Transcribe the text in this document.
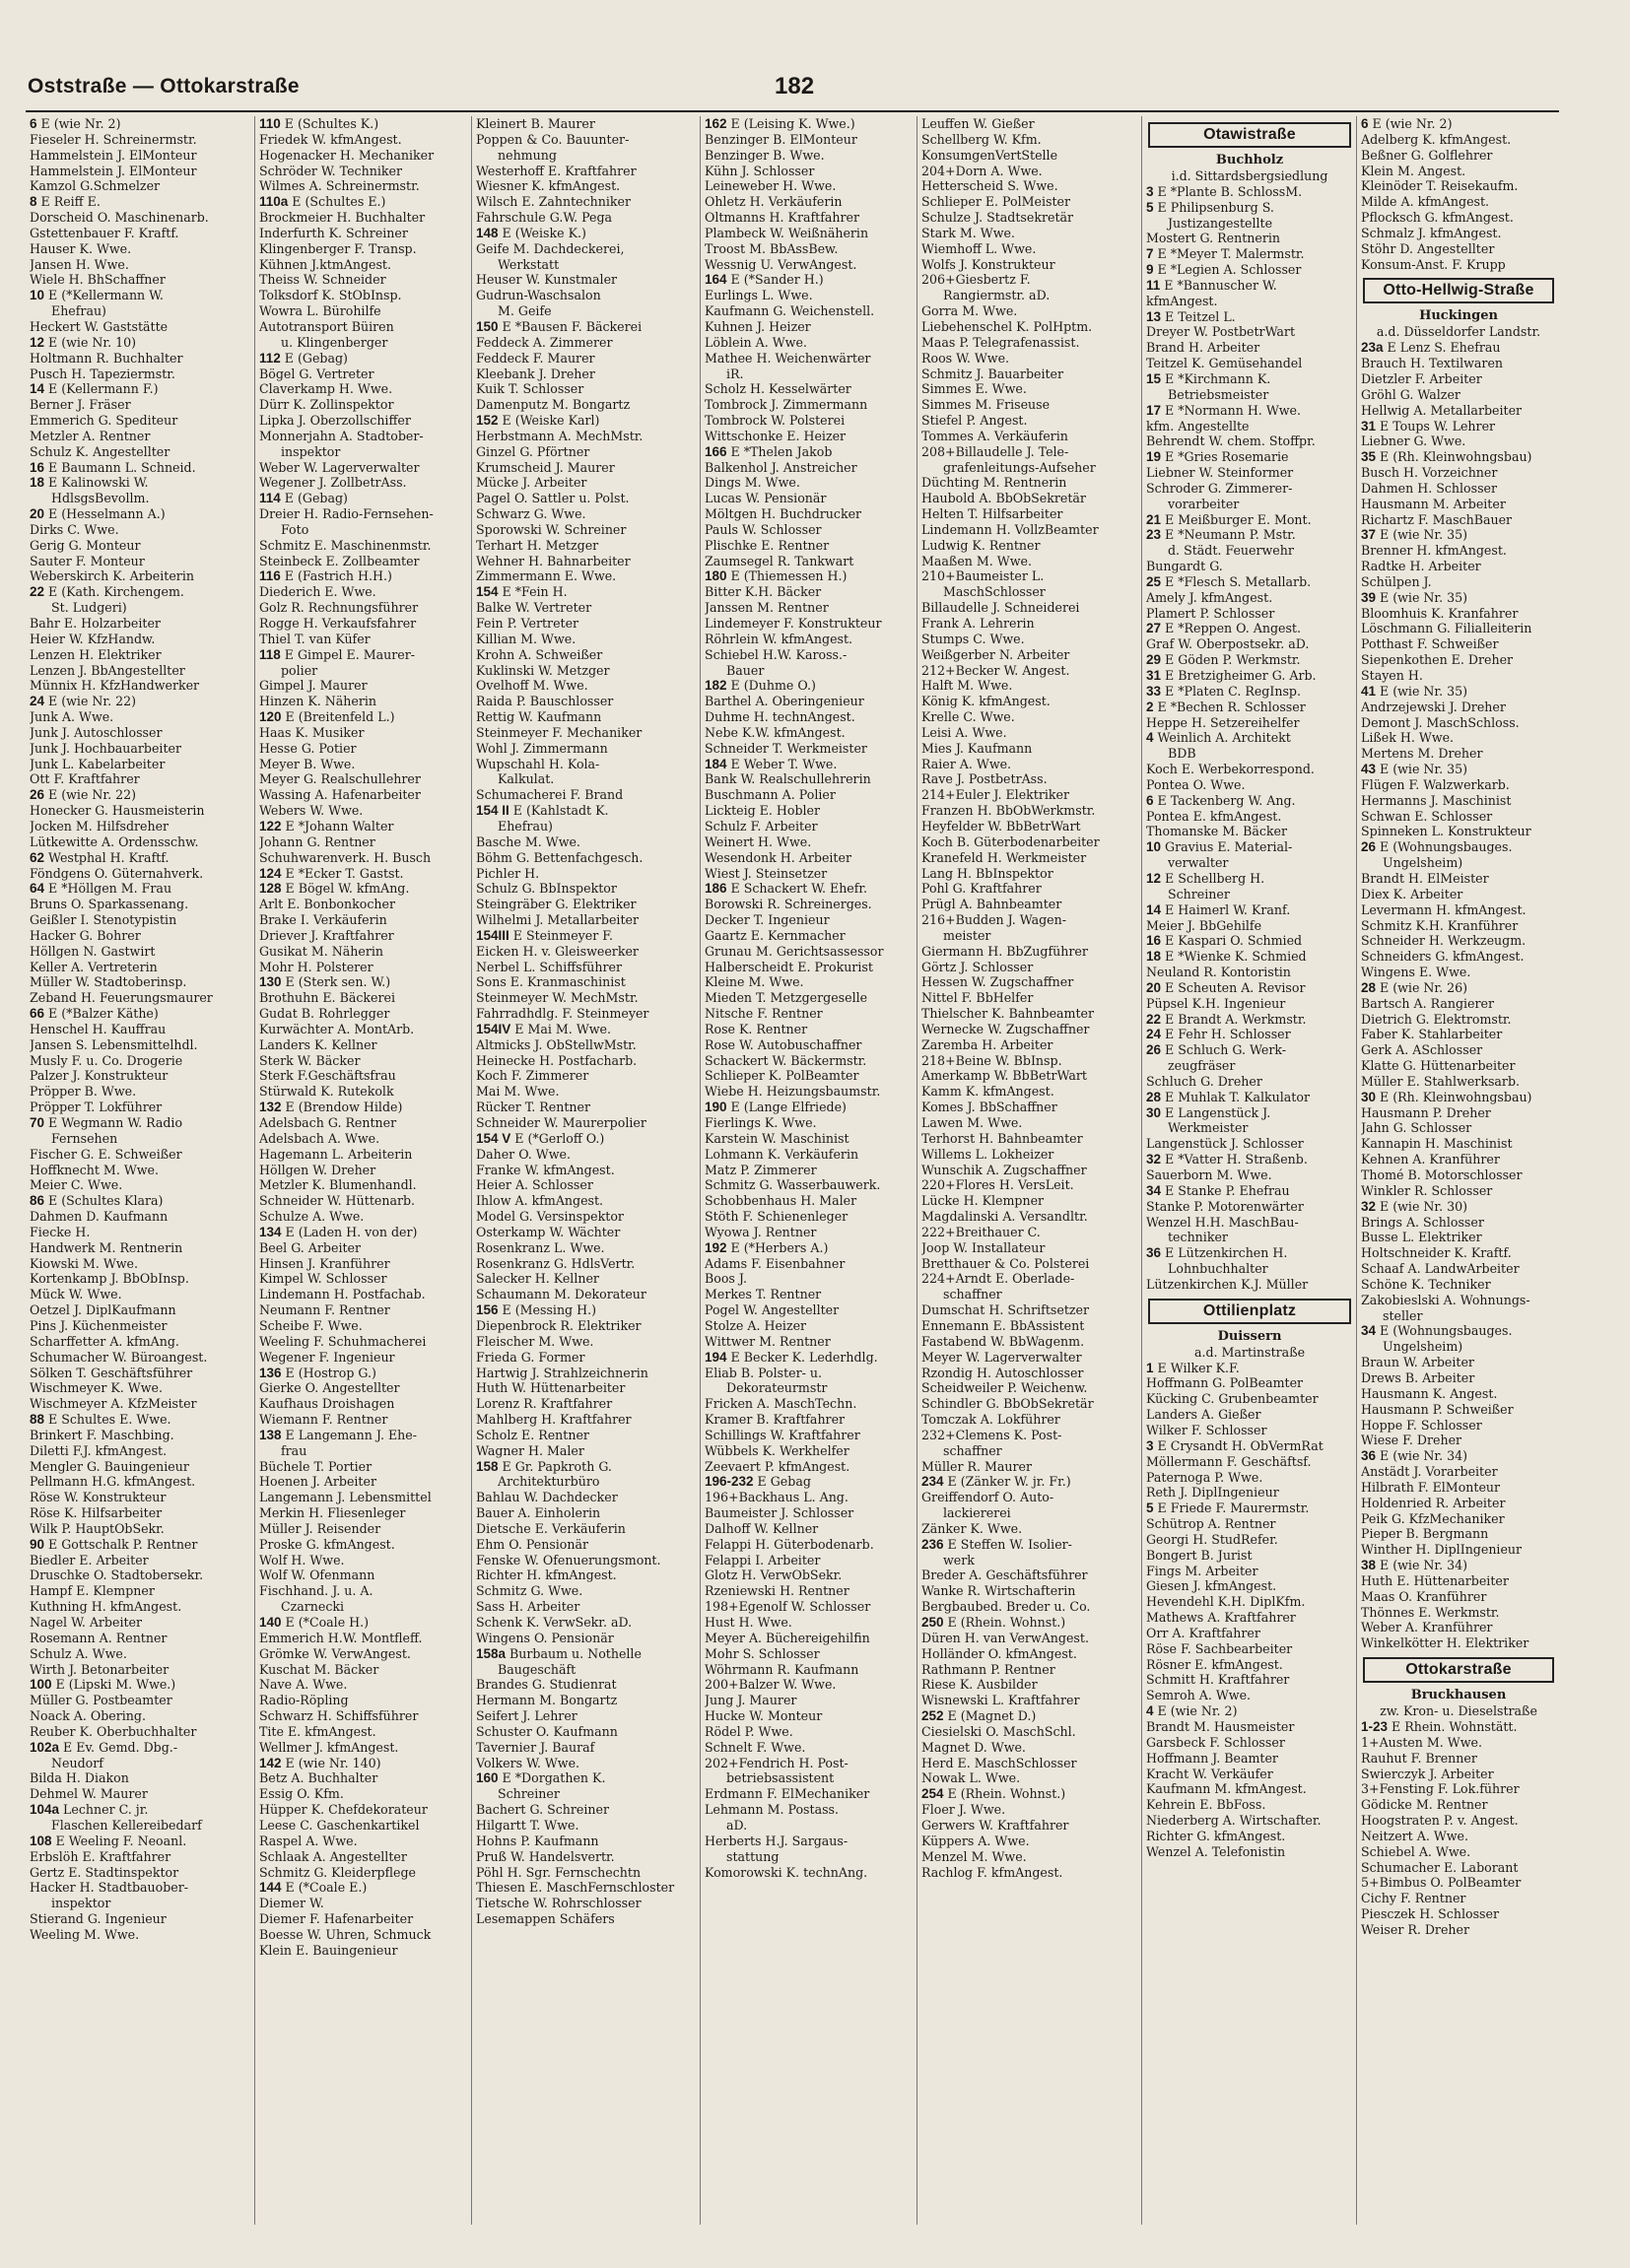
Oststraße — Ottokarstraße	182
6 E (wie Nr. 2)
Fieseler H. Schreinermstr.
Hammelstein J. ElMonteur
Hammelstein J. ElMonteur
Kamzol G.Schmelzer
8 E Reiff E.
Dorscheid O. Maschinenarb.
Gstettenbauer F. Kraftf.
Hauser K. Wwe.
Jansen H. Wwe.
Wiele H. BhSchaffner
10 E (*Kellermann W.
Ehefrau)
Heckert W. Gaststätte
12 E (wie Nr. 10)
Holtmann R. Buchhalter
Pusch H. Tapeziermstr.
14 E (Kellermann F.)
Berner J. Fräser
Emmerich G. Spediteur
Metzler A. Rentner
Schulz K. Angestellter
16 E Baumann L. Schneid.
18 E Kalinowski W.
HdlsgsBevollm.
20 E (Hesselmann A.)
Dirks C. Wwe.
Gerig G. Monteur
Sauter F. Monteur
Weberskirch K. Arbeiterin
22 E (Kath. Kirchengem.
St. Ludgeri)
Bahr E. Holzarbeiter
Heier W. KfzHandw.
Lenzen H. Elektriker
Lenzen J. BbAngestellter
Münnix H. KfzHandwerker
24 E (wie Nr. 22)
Junk A. Wwe.
Junk J. Autoschlosser
Junk J. Hochbauarbeiter
Junk L. Kabelarbeiter
Ott F. Kraftfahrer
26 E (wie Nr. 22)
Honecker G. Hausmeisterin
Jocken M. Hilfsdreher
Lütkewitte A. Ordensschw.
62 Westphal H. Kraftf.
Föndgens O. Güternahverk.
64 E *Höllgen M. Frau
Bruns O. Sparkassenang.
Geißler I. Stenotypistin
Hacker G. Bohrer
Höllgen N. Gastwirt
Keller A. Vertreterin
Müller W. Stadtoberinsp.
Zeband H. Feuerungsmaurer
66 E (*Balzer Käthe)
Henschel H. Kauffrau
Jansen S. Lebensmittelhdl.
Musly F. u. Co. Drogerie
Palzer J. Konstrukteur
Pröpper B. Wwe.
Pröpper T. Lokführer
70 E Wegmann W. Radio
Fernsehen
Fischer G. E. Schweißer
Hoffknecht M. Wwe.
Meier C. Wwe.
86 E (Schultes Klara)
Dahmen D. Kaufmann
Fiecke H.
Handwerk M. Rentnerin
Kiowski M. Wwe.
Kortenkamp J. BbObInsp.
Mück W. Wwe.
Oetzel J. DiplKaufmann
Pins J. Küchenmeister
Scharffetter A. kfmAng.
Schumacher W. Büroangest.
Sölken T. Geschäftsführer
Wischmeyer K. Wwe.
Wischmeyer A. KfzMeister
88 E Schultes E. Wwe.
Brinkert F. Maschbing.
Diletti F.J. kfmAngest.
Mengler G. Bauingenieur
Pellmann H.G. kfmAngest.
Röse W. Konstrukteur
Röse K. Hilfsarbeiter
Wilk P. HauptObSekr.
90 E Gottschalk P. Rentner
Biedler E. Arbeiter
Druschke O. Stadtobersekr.
Hampf E. Klempner
Kuthning H. kfmAngest.
Nagel W. Arbeiter
Rosemann A. Rentner
Schulz A. Wwe.
Wirth J. Betonarbeiter
100 E (Lipski M. Wwe.)
Müller G. Postbeamter
Noack A. Obering.
Reuber K. Oberbuchhalter
102a E Ev. Gemd. Dbg.-
Neudorf
Bilda H. Diakon
Dehmel W. Maurer
104a Lechner C. jr.
Flaschen Kellereibedarf
108 E Weeling F. Neoanl.
Erbslöh E. Kraftfahrer
Gertz E. Stadtinspektor
Hacker H. Stadtbauober-
inspektor
Stierand G. Ingenieur
Weeling M. Wwe.
110 E (Schultes K.)
Friedek W. kfmAngest.
Hogenacker H. Mechaniker
Schröder W. Techniker
Wilmes A. Schreinermstr.
110a E (Schultes E.)
Brockmeier H. Buchhalter
Inderfurth K. Schreiner
Klingenberger F. Transp.
Kühnen J.ktmAngest.
Theiss W. Schneider
Tolksdorf K. StObInsp.
Wowra L. Bürohilfe
Autotransport Büiren
u. Klingenberger
112 E (Gebag)
Bögel G. Vertreter
Claverkamp H. Wwe.
Dürr K. Zollinspektor
Lipka J. Oberzollschiffer
Monnerjahn A. Stadtober-
inspektor
Weber W. Lagerverwalter
Wegener J. ZollbetrAss.
114 E (Gebag)
Dreier H. Radio-Fernsehen-
Foto
Schmitz E. Maschinenmstr.
Steinbeck E. Zollbeamter
116 E (Fastrich H.H.)
Diederich E. Wwe.
Golz R. Rechnungsführer
Rogge H. Verkaufsfahrer
Thiel T. van Küfer
118 E Gimpel E. Maurer-
polier
Gimpel J. Maurer
Hinzen K. Näherin
120 E (Breitenfeld L.)
Haas K. Musiker
Hesse G. Potier
Meyer B. Wwe.
Meyer G. Realschullehrer
Wassing A. Hafenarbeiter
Webers W. Wwe.
122 E *Johann Walter
Johann G. Rentner
Schuhwarenverk. H. Busch
124 E *Ecker T. Gastst.
128 E Bögel W. kfmAng.
Arlt E. Bonbonkocher
Brake I. Verkäuferin
Driever J. Kraftfahrer
Gusikat M. Näherin
Mohr H. Polsterer
130 E (Sterk sen. W.)
Brothuhn E. Bäckerei
Gudat B. Rohrlegger
Kurwächter A. MontArb.
Landers K. Kellner
Sterk W. Bäcker
Sterk F.Geschäftsfrau
Stürwald K. Rutekolk
132 E (Brendow Hilde)
Adelsbach G. Rentner
Adelsbach A. Wwe.
Hagemann L. Arbeiterin
Höllgen W. Dreher
Metzler K. Blumenhandl.
Schneider W. Hüttenarb.
Schulze A. Wwe.
134 E (Laden H. von der)
Beel G. Arbeiter
Hinsen J. Kranführer
Kimpel W. Schlosser
Lindemann H. Postfachab.
Neumann F. Rentner
Scheibe F. Wwe.
Weeling F. Schuhmacherei
Wegener F. Ingenieur
136 E (Hostrop G.)
Gierke O. Angestellter
Kaufhaus Droishagen
Wiemann F. Rentner
138 E Langemann J. Ehe-
frau
Büchele T. Portier
Hoenen J. Arbeiter
Langemann J. Lebensmittel
Merkin H. Fliesenleger
Müller J. Reisender
Proske G. kfmAngest.
Wolf H. Wwe.
Wolf W. Ofenmann
Fischhand. J. u. A.
Czarnecki
140 E (*Coale H.)
Emmerich H.W. Montfleff.
Grömke W. VerwAngest.
Kuschat M. Bäcker
Nave A. Wwe.
Radio-Röpling
Schwarz H. Schiffsführer
Tite E. kfmAngest.
Wellmer J. kfmAngest.
142 E (wie Nr. 140)
Betz A. Buchhalter
Essig O. Kfm.
Hüpper K. Chefdekorateur
Leese C. Gaschenkartikel
Raspel A. Wwe.
Schlaak A. Angestellter
Schmitz G. Kleiderpflege
144 E (*Coale E.)
Diemer W.
Diemer F. Hafenarbeiter
Boesse W. Uhren, Schmuck
Klein E. Bauingenieur
Kleinert B. Maurer
Poppen & Co. Bauunter-
nehmung
Westerhoff E. Kraftfahrer
Wiesner K. kfmAngest.
Wilsch E. Zahntechniker
Fahrschule G.W. Pega
148 E (Weiske K.)
Geife M. Dachdeckerei,
Werkstatt
Heuser W. Kunstmaler
Gudrun-Waschsalon
M. Geife
150 E *Bausen F. Bäckerei
Feddeck A. Zimmerer
Feddeck F. Maurer
Kleebank J. Dreher
Kuik T. Schlosser
Damenputz M. Bongartz
152 E (Weiske Karl)
Herbstmann A. MechMstr.
Ginzel G. Pförtner
Krumscheid J. Maurer
Mücke J. Arbeiter
Pagel O. Sattler u. Polst.
Schwarz G. Wwe.
Sporowski W. Schreiner
Terhart H. Metzger
Wehner H. Bahnarbeiter
Zimmermann E. Wwe.
154 E *Fein H.
Balke W. Vertreter
Fein P. Vertreter
Killian M. Wwe.
Krohn A. Schweißer
Kuklinski W. Metzger
Ovelhoff M. Wwe.
Raida P. Bauschlosser
Rettig W. Kaufmann
Steinmeyer F. Mechaniker
Wohl J. Zimmermann
Wupschahl H. Kola-
Kalkulat.
Schumacherei F. Brand
154 II E (Kahlstadt K.
Ehefrau)
Basche M. Wwe.
Böhm G. Bettenfachgesch.
Pichler H.
Schulz G. BbInspektor
Steingräber G. Elektriker
Wilhelmi J. Metallarbeiter
154III E Steinmeyer F.
Eicken H. v. Gleisweerker
Nerbel L. Schiffsführer
Sons E. Kranmaschinist
Steinmeyer W. MechMstr.
Fahrradhdlg. F. Steinmeyer
154IV E Mai M. Wwe.
Altmicks J. ObStellwMstr.
Heinecke H. Postfacharb.
Koch F. Zimmerer
Mai M. Wwe.
Rücker T. Rentner
Schneider W. Maurerpolier
154 V E (*Gerloff O.)
Daher O. Wwe.
Franke W. kfmAngest.
Heier A. Schlosser
Ihlow A. kfmAngest.
Model G. Versinspektor
Osterkamp W. Wächter
Rosenkranz L. Wwe.
Rosenkranz G. HdlsVertr.
Salecker H. Kellner
Schaumann M. Dekorateur
156 E (Messing H.)
Diepenbrock R. Elektriker
Fleischer M. Wwe.
Frieda G. Former
Hartwig J. Strahlzeichnerin
Huth W. Hüttenarbeiter
Lorenz R. Kraftfahrer
Mahlberg H. Kraftfahrer
Scholz E. Rentner
Wagner H. Maler
158 E Gr. Papkroth G.
Architekturbüro
Bahlau W. Dachdecker
Bauer A. Einholerin
Dietsche E. Verkäuferin
Ehm O. Pensionär
Fenske W. Ofenuerungsmont.
Richter H. kfmAngest.
Schmitz G. Wwe.
Sass H. Arbeiter
Schenk K. VerwSekr. aD.
Wingens O. Pensionär
158a Burbaum u. Nothelle
Baugeschäft
Brandes G. Studienrat
Hermann M. Bongartz
Seifert J. Lehrer
Schuster O. Kaufmann
Tavernier J. Bauraf
Volkers W. Wwe.
160 E *Dorgathen K.
Schreiner
Bachert G. Schreiner
Hilgartt T. Wwe.
Hohns P. Kaufmann
Pruß W. Handelsvertr.
Pöhl H. Sgr. Fernschechtn
Thiesen E. MaschFernschloster
Tietsche W. Rohrschlosser
Lesemappen Schäfers
162 E (Leising K. Wwe.)
Benzinger B. ElMonteur
Benzinger B. Wwe.
Kühn J. Schlosser
Leineweber H. Wwe.
Ohletz H. Verkäuferin
Oltmanns H. Kraftfahrer
Plambeck W. Weißnäherin
Troost M. BbAssBew.
Wessnig U. VerwAngest.
164 E (*Sander H.)
Eurlings L. Wwe.
Kaufmann G. Weichenstell.
Kuhnen J. Heizer
Löblein A. Wwe.
Mathee H. Weichenwärter
iR.
Scholz H. Kesselwärter
Tombrock J. Zimmermann
Tombrock W. Polsterei
Wittschonke E. Heizer
166 E *Thelen Jakob
Balkenhol J. Anstreicher
Dings M. Wwe.
Lucas W. Pensionär
Möltgen H. Buchdrucker
Pauls W. Schlosser
Plischke E. Rentner
Zaumsegel R. Tankwart
180 E (Thiemessen H.)
Bitter K.H. Bäcker
Janssen M. Rentner
Lindemeyer F. Konstrukteur
Röhrlein W. kfmAngest.
Schiebel H.W. Kaross.-
Bauer
182 E (Duhme O.)
Barthel A. Oberingenieur
Duhme H. technAngest.
Nebe K.W. kfmAngest.
Schneider T. Werkmeister
184 E Weber T. Wwe.
Bank W. Realschullehrerin
Buschmann A. Polier
Lickteig E. Hobler
Schulz F. Arbeiter
Weinert H. Wwe.
Wesendonk H. Arbeiter
Wiest J. Steinsetzer
186 E Schackert W. Ehefr.
Borowski R. Schreinerges.
Decker T. Ingenieur
Gaartz E. Kernmacher
Grunau M. Gerichtsassessor
Halberscheidt E. Prokurist
Kleine M. Wwe.
Mieden T. Metzgergeselle
Nitsche F. Rentner
Rose K. Rentner
Rose W. Autobuschaffner
Schackert W. Bäckermstr.
Schlieper K. PolBeamter
Wiebe H. Heizungsbaumstr.
190 E (Lange Elfriede)
Fierlings K. Wwe.
Karstein W. Maschinist
Lohmann K. Verkäuferin
Matz P. Zimmerer
Schmitz G. Wasserbauwerk.
Schobbenhaus H. Maler
Stöth F. Schienenleger
Wyowa J. Rentner
192 E (*Herbers A.)
Adams F. Eisenbahner
Boos J.
Merkes T. Rentner
Pogel W. Angestellter
Stolze A. Heizer
Wittwer M. Rentner
194 E Becker K. Lederhdlg.
Eliab B. Polster- u.
Dekorateurmstr
Fricken A. MaschTechn.
Kramer B. Kraftfahrer
Schillings W. Kraftfahrer
Wübbels K. Werkhelfer
Zeevaert P. kfmAngest.
196-232 E Gebag
196+Backhaus L. Ang.
Baumeister J. Schlosser
Dalhoff W. Kellner
Felappi H. Güterbodenarb.
Felappi I. Arbeiter
Glotz H. VerwObSekr.
Rzeniewski H. Rentner
198+Egenolf W. Schlosser
Hust H. Wwe.
Meyer A. Büchereigehilfin
Mohr S. Schlosser
Wöhrmann R. Kaufmann
200+Balzer W. Wwe.
Jung J. Maurer
Hucke W. Monteur
Rödel P. Wwe.
Schnelt F. Wwe.
202+Fendrich H. Post-
betriebsassistent
Erdmann F. ElMechaniker
Lehmann M. Postass.
aD.
Herberts H.J. Sargaus-
stattung
Komorowski K. technAng.
Leuffen W. Gießer
Schellberg W. Kfm.
KonsumgenVertStelle
204+Dorn A. Wwe.
Hetterscheid S. Wwe.
Schlieper E. PolMeister
Schulze J. Stadtsekretär
Stark M. Wwe.
Wiemhoff L. Wwe.
Wolfs J. Konstrukteur
206+Giesbertz F.
Rangiermstr. aD.
Gorra M. Wwe.
Liebehenschel K. PolHptm.
Maas P. Telegrafenassist.
Roos W. Wwe.
Schmitz J. Bauarbeiter
Simmes E. Wwe.
Simmes M. Friseuse
Stiefel P. Angest.
Tommes A. Verkäuferin
208+Billaudelle J. Tele-
grafenleitungs-Aufseher
Düchting M. Rentnerin
Haubold A. BbObSekretär
Helten T. Hilfsarbeiter
Lindemann H. VollzBeamter
Ludwig K. Rentner
Maaßen M. Wwe.
210+Baumeister L.
MaschSchlosser
Billaudelle J. Schneiderei
Frank A. Lehrerin
Stumps C. Wwe.
Weißgerber N. Arbeiter
212+Becker W. Angest.
Halft M. Wwe.
König K. kfmAngest.
Krelle C. Wwe.
Leisi A. Wwe.
Mies J. Kaufmann
Raier A. Wwe.
Rave J. PostbetrAss.
214+Euler J. Elektriker
Franzen H. BbObWerkmstr.
Heyfelder W. BbBetrWart
Koch B. Güterbodenarbeiter
Kranefeld H. Werkmeister
Lang H. BbInspektor
Pohl G. Kraftfahrer
Prügl A. Bahnbeamter
216+Budden J. Wagen-
meister
Giermann H. BbZugführer
Görtz J. Schlosser
Hessen W. Zugschaffner
Nittel F. BbHelfer
Thielscher K. Bahnbeamter
Wernecke W. Zugschaffner
Zaremba H. Arbeiter
218+Beine W. BbInsp.
Amerkamp W. BbBetrWart
Kamm K. kfmAngest.
Komes J. BbSchaffner
Lawen M. Wwe.
Terhorst H. Bahnbeamter
Willems L. Lokheizer
Wunschik A. Zugschaffner
220+Flores H. VersLeit.
Lücke H. Klempner
Magdalinski A. Versandltr.
222+Breithauer C.
Joop W. Installateur
Bretthauer & Co. Polsterei
224+Arndt E. Oberlade-
schaffner
Dumschat H. Schriftsetzer
Ennemann E. BbAssistent
Fastabend W. BbWagenm.
Meyer W. Lagerverwalter
Rzondig H. Autoschlosser
Scheidweiler P. Weichenw.
Schindler G. BbObSekretär
Tomczak A. Lokführer
232+Clemens K. Post-
schaffner
Müller R. Maurer
234 E (Zänker W. jr. Fr.)
Greiffendorf O. Auto-
lackiererei
Zänker K. Wwe.
236 E Steffen W. Isolier-
werk
Breder A. Geschäftsführer
Wanke R. Wirtschafterin
Bergbaubed. Breder u. Co.
250 E (Rhein. Wohnst.)
Düren H. van VerwAngest.
Holländer O. kfmAngest.
Rathmann P. Rentner
Riese K. Ausbilder
Wisnewski L. Kraftfahrer
252 E (Magnet D.)
Ciesielski O. MaschSchl.
Magnet D. Wwe.
Herd E. MaschSchlosser
Nowak L. Wwe.
254 E (Rhein. Wohnst.)
Floer J. Wwe.
Gerwers W. Kraftfahrer
Küppers A. Wwe.
Menzel M. Wwe.
Rachlog F. kfmAngest.
Otawistraße
Buchholz
i.d. Sittardsbergsiedlung
3 E *Plante B. SchlossM.
5 E Philipsenburg S.
Justizangestellte
Mostert G. Rentnerin
7 E *Meyer T. Malermstr.
9 E *Legien A. Schlosser
11 E *Bannuscher W.
kfmAngest.
13 E Teitzel L.
Dreyer W. PostbetrWart
Brand H. Arbeiter
Teitzel K. Gemüsehandel
15 E *Kirchmann K.
Betriebsmeister
17 E *Normann H. Wwe.
kfm. Angestellte
Behrendt W. chem. Stoffpr.
19 E *Gries Rosemarie
Liebner W. Steinformer
Schroder G. Zimmerer-
vorarbeiter
21 E Meißburger E. Mont.
23 E *Neumann P. Mstr.
d. Städt. Feuerwehr
Bungardt G.
25 E *Flesch S. Metallarb.
Amely J. kfmAngest.
Plamert P. Schlosser
27 E *Reppen O. Angest.
Graf W. Oberpostsekr. aD.
29 E Göden P. Werkmstr.
31 E Bretzigheimer G. Arb.
33 E *Platen C. RegInsp.
2 E *Bechen R. Schlosser
Heppe H. Setzereihelfer
4 Weinlich A. Architekt
BDB
Koch E. Werbekorrespond.
Pontea O. Wwe.
6 E Tackenberg W. Ang.
Pontea E. kfmAngest.
Thomanske M. Bäcker
10 Gravius E. Material-
verwalter
12 E Schellberg H.
Schreiner
14 E Haimerl W. Kranf.
Meier J. BbGehilfe
16 E Kaspari O. Schmied
18 E *Wienke K. Schmied
Neuland R. Kontoristin
20 E Scheuten A. Revisor
Püpsel K.H. Ingenieur
22 E Brandt A. Werkmstr.
24 E Fehr H. Schlosser
26 E Schluch G. Werk-
zeugfräser
Schluch G. Dreher
28 E Muhlak T. Kalkulator
30 E Langenstück J.
Werkmeister
Langenstück J. Schlosser
32 E *Vatter H. Straßenb.
Sauerborn M. Wwe.
34 E Stanke P. Ehefrau
Stanke P. Motorenwärter
Wenzel H.H. MaschBau-
techniker
36 E Lützenkirchen H.
Lohnbuchhalter
Lützenkirchen K.J. Müller
Ottilienplatz
Duissern
a.d. Martinstraße
1 E Wilker K.F.
Hoffmann G. PolBeamter
Kücking C. Grubenbeamter
Landers A. Gießer
Wilker F. Schlosser
3 E Crysandt H. ObVermRat
Möllermann F. Geschäftsf.
Paternoga P. Wwe.
Reth J. DiplIngenieur
5 E Friede F. Maurermstr.
Schütrop A. Rentner
Georgi H. StudRefer.
Bongert B. Jurist
Fings M. Arbeiter
Giesen J. kfmAngest.
Hevendehl K.H. DiplKfm.
Mathews A. Kraftfahrer
Orr A. Kraftfahrer
Röse F. Sachbearbeiter
Rösner E. kfmAngest.
Schmitt H. Kraftfahrer
Semroh A. Wwe.
4 E (wie Nr. 2)
Brandt M. Hausmeister
Garsbeck F. Schlosser
Hoffmann J. Beamter
Kracht W. Verkäufer
Kaufmann M. kfmAngest.
Kehrein E. BbFoss.
Niederberg A. Wirtschafter.
Richter G. kfmAngest.
Wenzel A. Telefonistin
6 E (wie Nr. 2)
Adelberg K. kfmAngest.
Beßner G. Golflehrer
Klein M. Angest.
Kleinöder T. Reisekaufm.
Milde A. kfmAngest.
Pflocksch G. kfmAngest.
Schmalz J. kfmAngest.
Stöhr D. Angestellter
Konsum-Anst. F. Krupp
Otto-Hellwig-Straße
Huckingen
a.d. Düsseldorfer Landstr.
23a E Lenz S. Ehefrau
Brauch H. Textilwaren
Dietzler F. Arbeiter
Gröhl G. Walzer
Hellwig A. Metallarbeiter
31 E Toups W. Lehrer
Liebner G. Wwe.
35 E (Rh. Kleinwohngsbau)
Busch H. Vorzeichner
Dahmen H. Schlosser
Hausmann M. Arbeiter
Richartz F. MaschBauer
37 E (wie Nr. 35)
Brenner H. kfmAngest.
Radtke H. Arbeiter
Schülpen J.
39 E (wie Nr. 35)
Bloomhuis K. Kranfahrer
Löschmann G. Filialleiterin
Potthast F. Schweißer
Siepenkothen E. Dreher
Stayen H.
41 E (wie Nr. 35)
Andrzejewski J. Dreher
Demont J. MaschSchloss.
Lißek H. Wwe.
Mertens M. Dreher
43 E (wie Nr. 35)
Flügen F. Walzwerkarb.
Hermanns J. Maschinist
Schwan E. Schlosser
Spinneken L. Konstrukteur
26 E (Wohnungsbauges.
Ungelsheim)
Brandt H. ElMeister
Diex K. Arbeiter
Levermann H. kfmAngest.
Schmitz K.H. Kranführer
Schneider H. Werkzeugm.
Schneiders G. kfmAngest.
Wingens E. Wwe.
28 E (wie Nr. 26)
Bartsch A. Rangierer
Dietrich G. Elektromstr.
Faber K. Stahlarbeiter
Gerk A. ASchlosser
Klatte G. Hüttenarbeiter
Müller E. Stahlwerksarb.
30 E (Rh. Kleinwohngsbau)
Hausmann P. Dreher
Jahn G. Schlosser
Kannapin H. Maschinist
Kehnen A. Kranführer
Thomé B. Motorschlosser
Winkler R. Schlosser
32 E (wie Nr. 30)
Brings A. Schlosser
Busse L. Elektriker
Holtschneider K. Kraftf.
Schaaf A. LandwArbeiter
Schöne K. Techniker
Zakobieslski A. Wohnungs-
steller
34 E (Wohnungsbauges.
Ungelsheim)
Braun W. Arbeiter
Drews B. Arbeiter
Hausmann K. Angest.
Hausmann P. Schweißer
Hoppe F. Schlosser
Wiese F. Dreher
36 E (wie Nr. 34)
Anstädt J. Vorarbeiter
Hilbrath F. ElMonteur
Holdenried R. Arbeiter
Peik G. KfzMechaniker
Pieper B. Bergmann
Winther H. DiplIngenieur
38 E (wie Nr. 34)
Huth E. Hüttenarbeiter
Maas O. Kranführer
Thönnes E. Werkmstr.
Weber A. Kranführer
Winkelkötter H. Elektriker
Ottokarstraße
Bruckhausen
zw. Kron- u. Dieselstraße
1-23 E Rhein. Wohnstätt.
1+Austen M. Wwe.
Rauhut F. Brenner
Swierczyk J. Arbeiter
3+Fensting F. Lok.führer
Gödicke M. Rentner
Hoogstraten P. v. Angest.
Neitzert A. Wwe.
Schiebel A. Wwe.
Schumacher E. Laborant
5+Bimbus O. PolBeamter
Cichy F. Rentner
Piesczek H. Schlosser
Weiser R. Dreher
